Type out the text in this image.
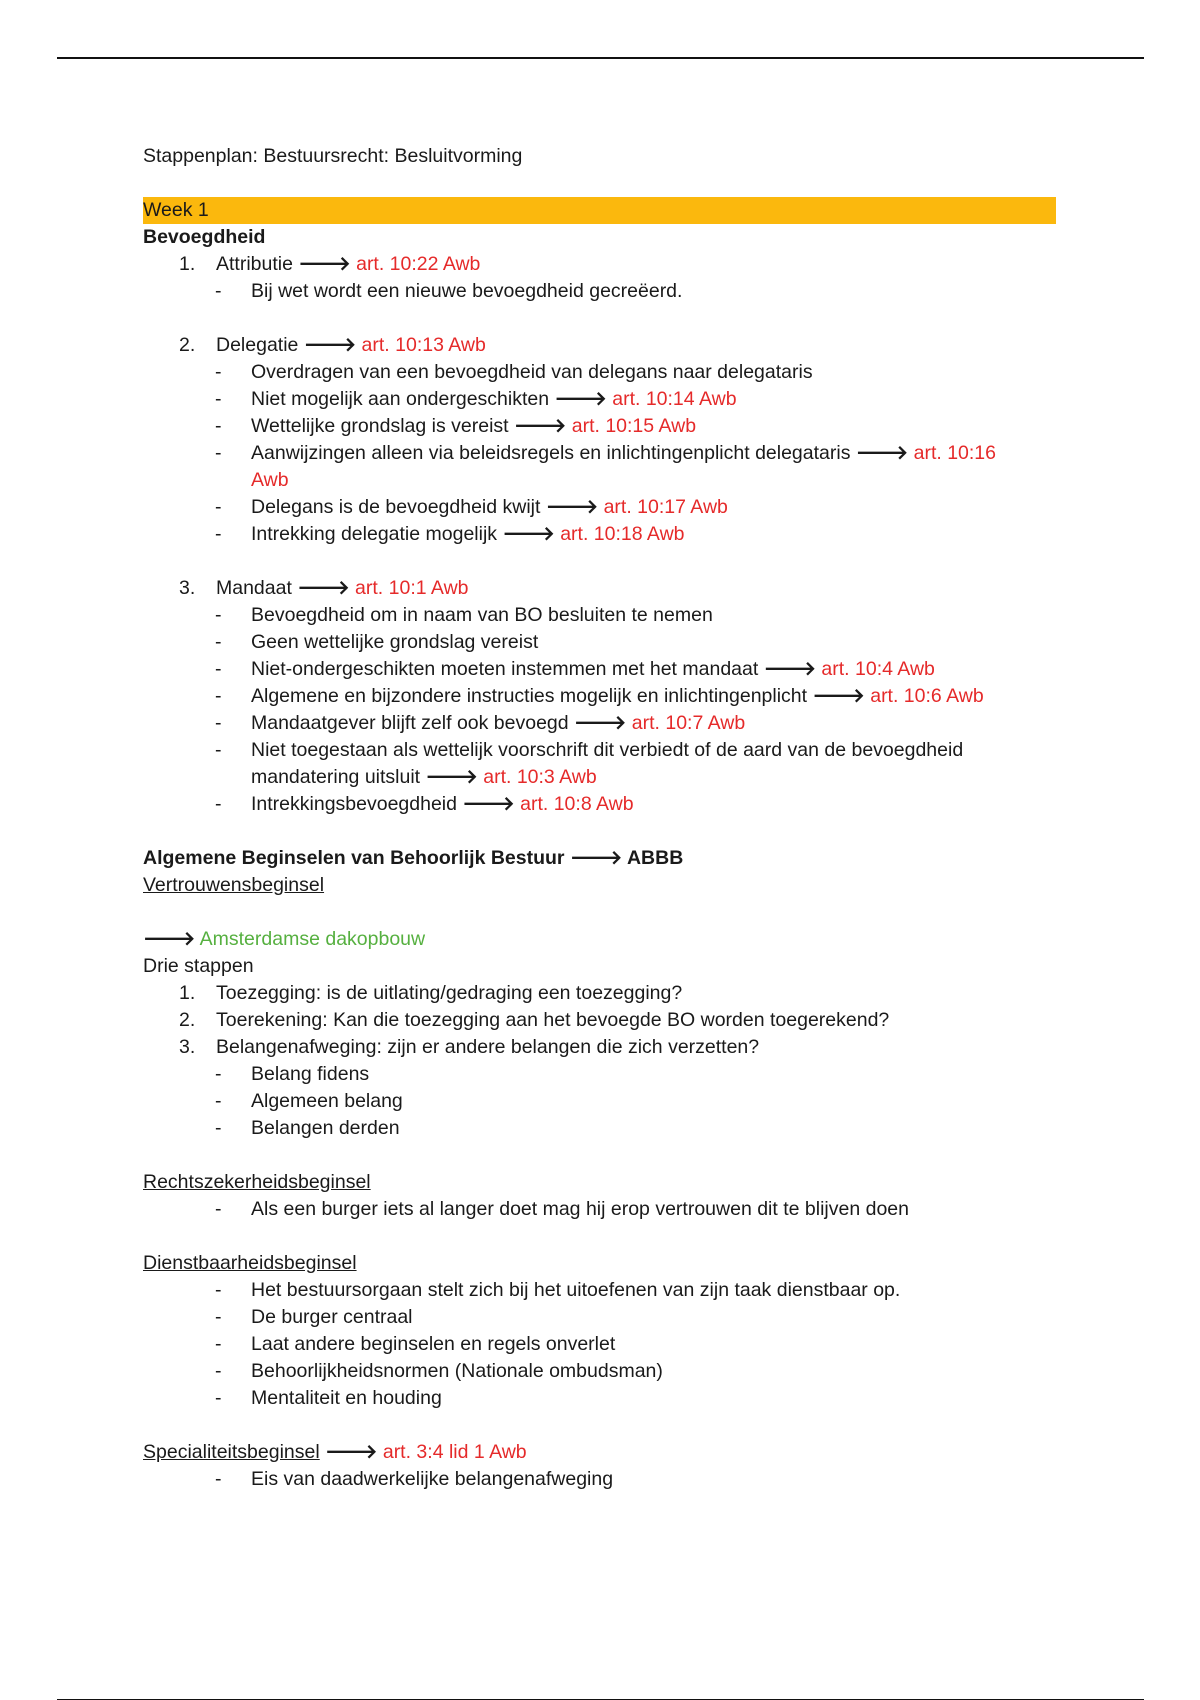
Stappenplan: Bestuursrecht: Besluitvorming
Week 1
Bevoegdheid
1. Attributie 🡒 art. 10:22 Awb
- Bij wet wordt een nieuwe bevoegdheid gecreëerd.
2. Delegatie 🡒 art. 10:13 Awb
- Overdragen van een bevoegdheid van delegans naar delegataris
- Niet mogelijk aan ondergeschikten 🡒 art. 10:14 Awb
- Wettelijke grondslag is vereist 🡒 art. 10:15 Awb
- Aanwijzingen alleen via beleidsregels en inlichtingenplicht delegataris 🡒 art. 10:16 Awb
- Delegans is de bevoegdheid kwijt 🡒 art. 10:17 Awb
- Intrekking delegatie mogelijk 🡒 art. 10:18 Awb
3. Mandaat 🡒 art. 10:1 Awb
- Bevoegdheid om in naam van BO besluiten te nemen
- Geen wettelijke grondslag vereist
- Niet-ondergeschikten moeten instemmen met het mandaat 🡒 art. 10:4 Awb
- Algemene en bijzondere instructies mogelijk en inlichtingenplicht 🡒 art. 10:6 Awb
- Mandaatgever blijft zelf ook bevoegd 🡒 art. 10:7 Awb
- Niet toegestaan als wettelijk voorschrift dit verbiedt of de aard van de bevoegdheid mandatering uitsluit 🡒 art. 10:3 Awb
- Intrekkingsbevoegdheid 🡒 art. 10:8 Awb
Algemene Beginselen van Behoorlijk Bestuur 🡒 ABBB
Vertrouwensbeginsel
🡒 Amsterdamse dakopbouw
Drie stappen
1. Toezegging: is de uitlating/gedraging een toezegging?
2. Toerekening: Kan die toezegging aan het bevoegde BO worden toegerekend?
3. Belangenafweging: zijn er andere belangen die zich verzetten?
- Belang fidens
- Algemeen belang
- Belangen derden
Rechtszekerheidsbeginsel
- Als een burger iets al langer doet mag hij erop vertrouwen dit te blijven doen
Dienstbaarheidsbeginsel
- Het bestuursorgaan stelt zich bij het uitoefenen van zijn taak dienstbaar op.
- De burger centraal
- Laat andere beginselen en regels onverlet
- Behoorlijkheidsnormen (Nationale ombudsman)
- Mentaliteit en houding
Specialiteitsbeginsel 🡒 art. 3:4 lid 1 Awb
- Eis van daadwerkelijke belangenafweging
